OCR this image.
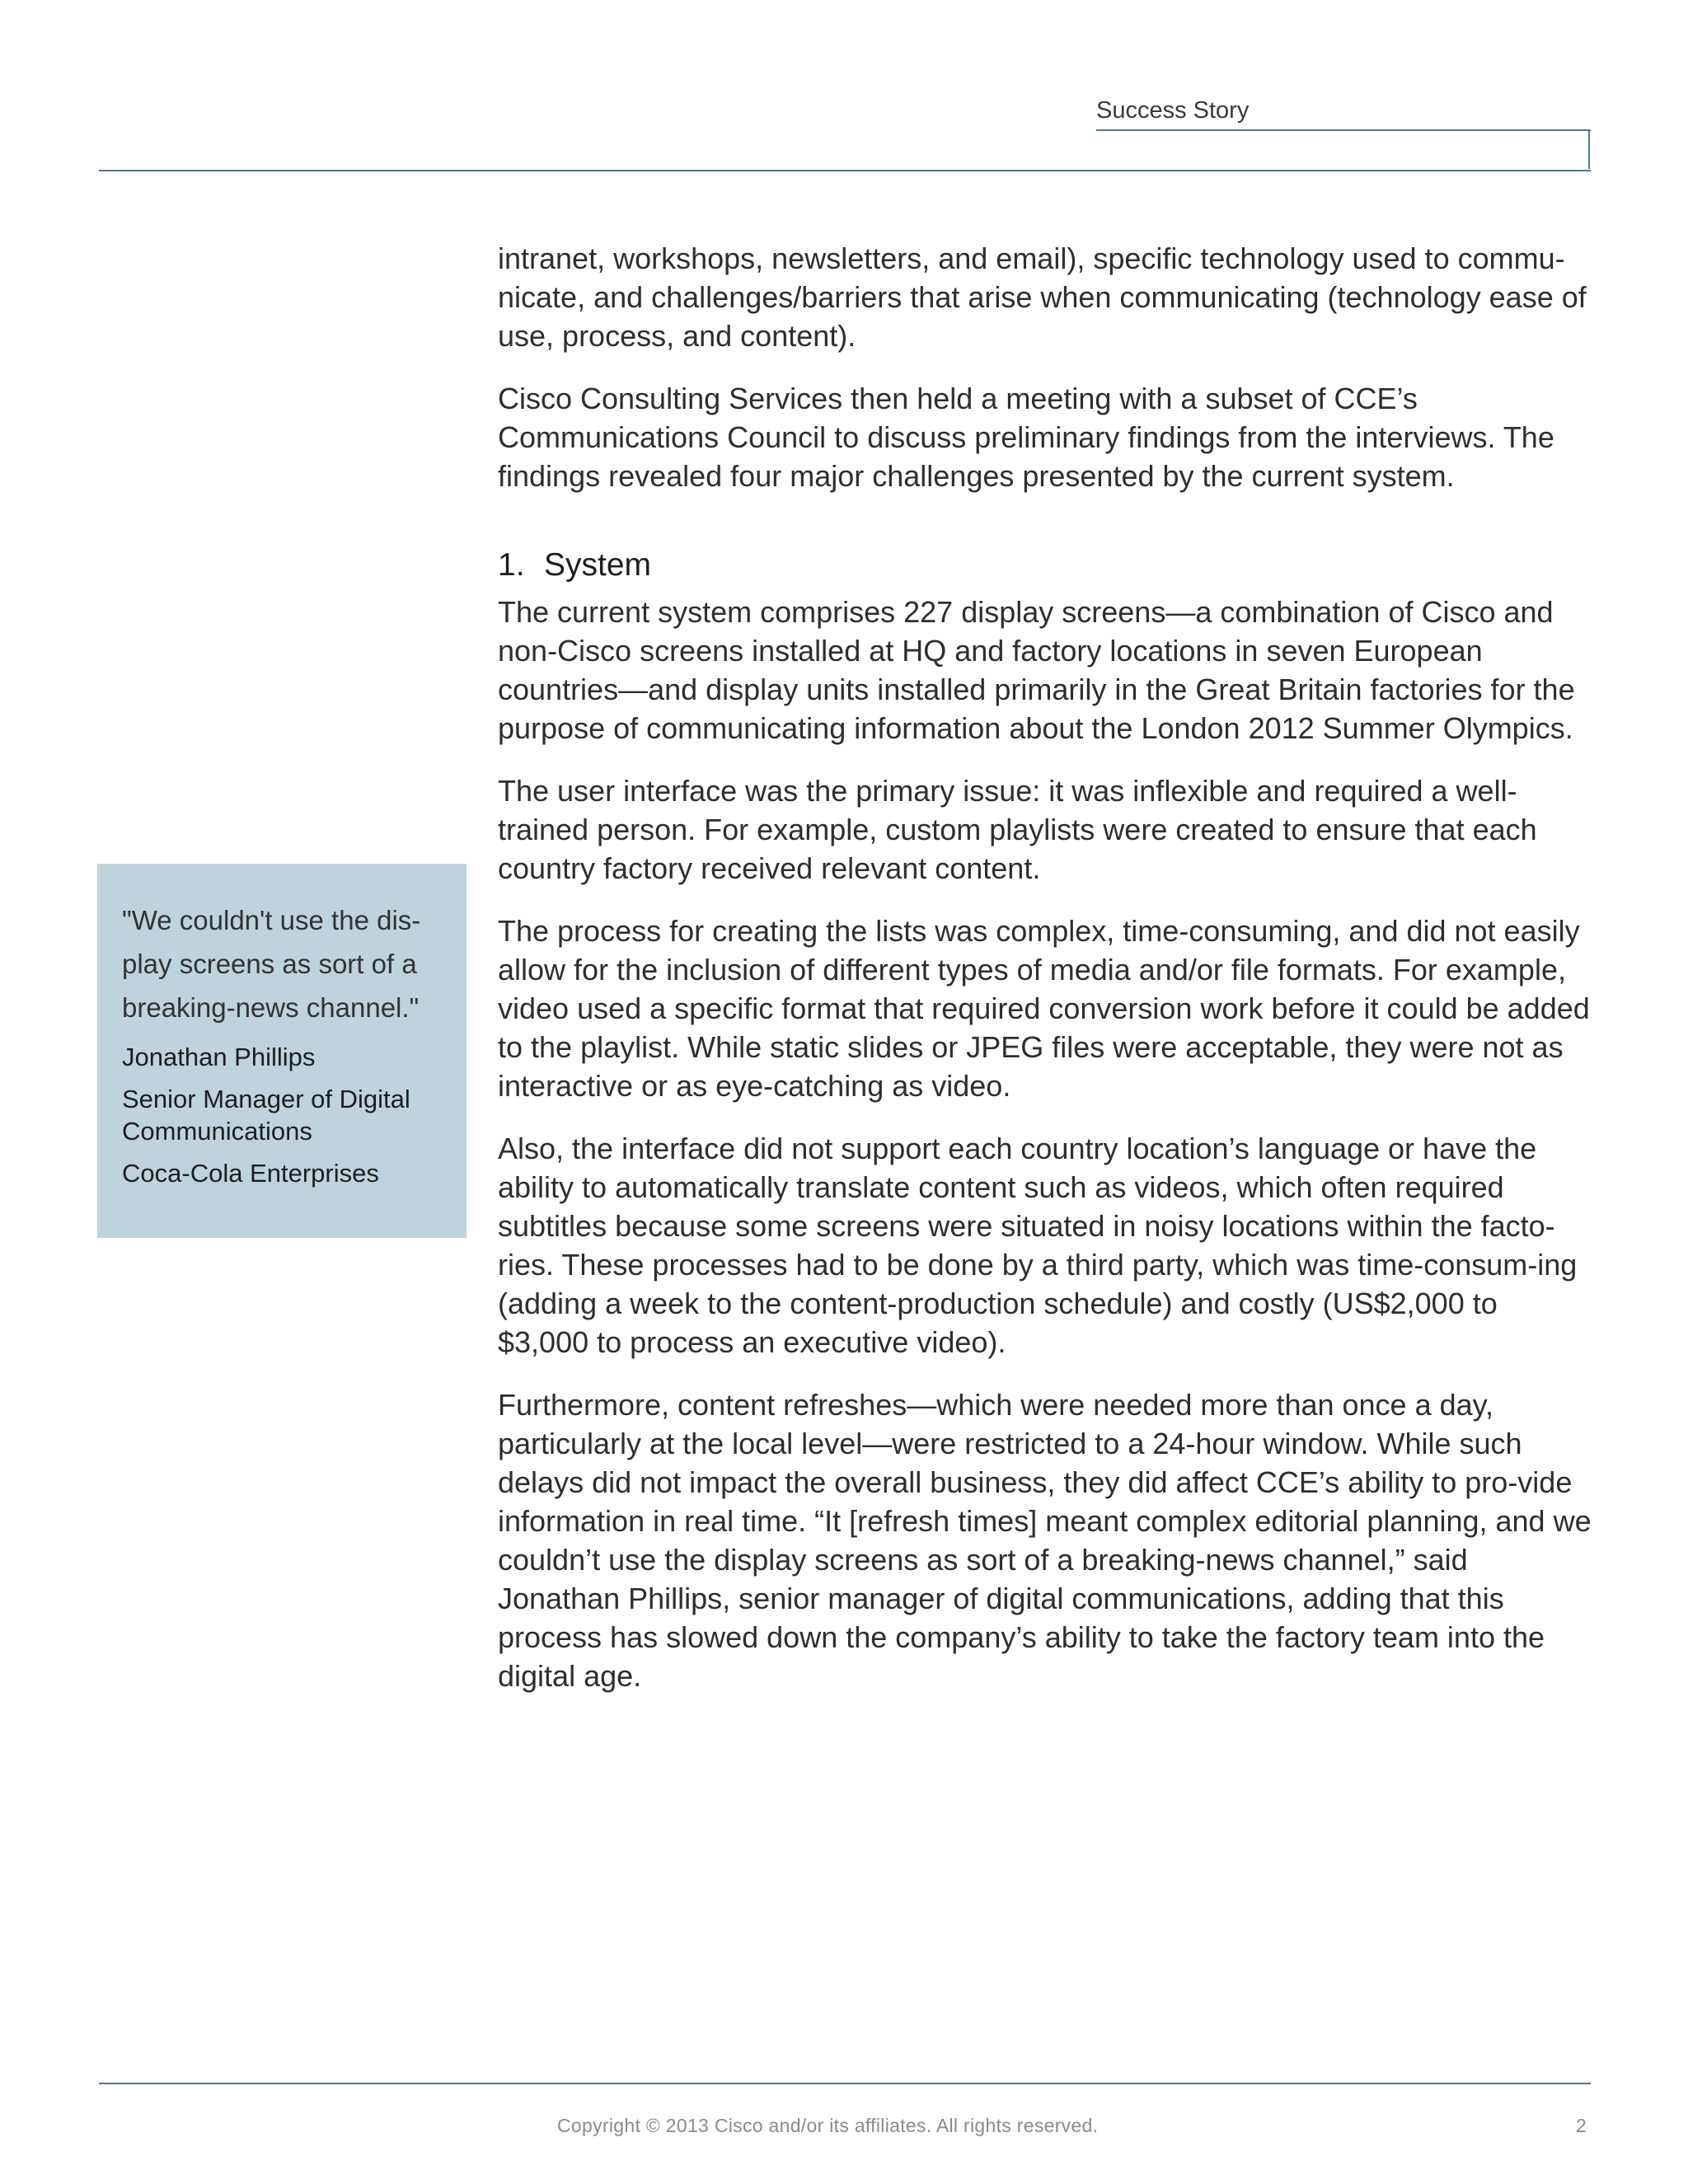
Success Story

intranet, workshops, newsletters, and email), specific technology used to commu-nicate, and challenges/barriers that arise when communicating (technology ease of use, process, and content).

Cisco Consulting Services then held a meeting with a subset of CCE’s Communications Council to discuss preliminary findings from the interviews. The findings revealed four major challenges presented by the current system.

1. System

The current system comprises 227 display screens—a combination of Cisco and non-Cisco screens installed at HQ and factory locations in seven European countries—and display units installed primarily in the Great Britain factories for the purpose of communicating information about the London 2012 Summer Olympics.

The user interface was the primary issue: it was inflexible and required a well-trained person. For example, custom playlists were created to ensure that each country factory received relevant content.

The process for creating the lists was complex, time-consuming, and did not easily allow for the inclusion of different types of media and/or file formats. For example, video used a specific format that required conversion work before it could be added to the playlist. While static slides or JPEG files were acceptable, they were not as interactive or as eye-catching as video.

Also, the interface did not support each country location’s language or have the ability to automatically translate content such as videos, which often required subtitles because some screens were situated in noisy locations within the facto-ries. These processes had to be done by a third party, which was time-consum-ing (adding a week to the content-production schedule) and costly (US$2,000 to $3,000 to process an executive video).

Furthermore, content refreshes—which were needed more than once a day, particularly at the local level—were restricted to a 24-hour window. While such delays did not impact the overall business, they did affect CCE’s ability to pro-vide information in real time. “It [refresh times] meant complex editorial planning, and we couldn’t use the display screens as sort of a breaking-news channel,” said Jonathan Phillips, senior manager of digital communications, adding that this process has slowed down the company’s ability to take the factory team into the digital age.

"We couldn't use the dis-play screens as sort of a breaking-news channel."
Jonathan Phillips
Senior Manager of Digital Communications
Coca-Cola Enterprises
Copyright © 2013 Cisco and/or its affiliates. All rights reserved.	2
